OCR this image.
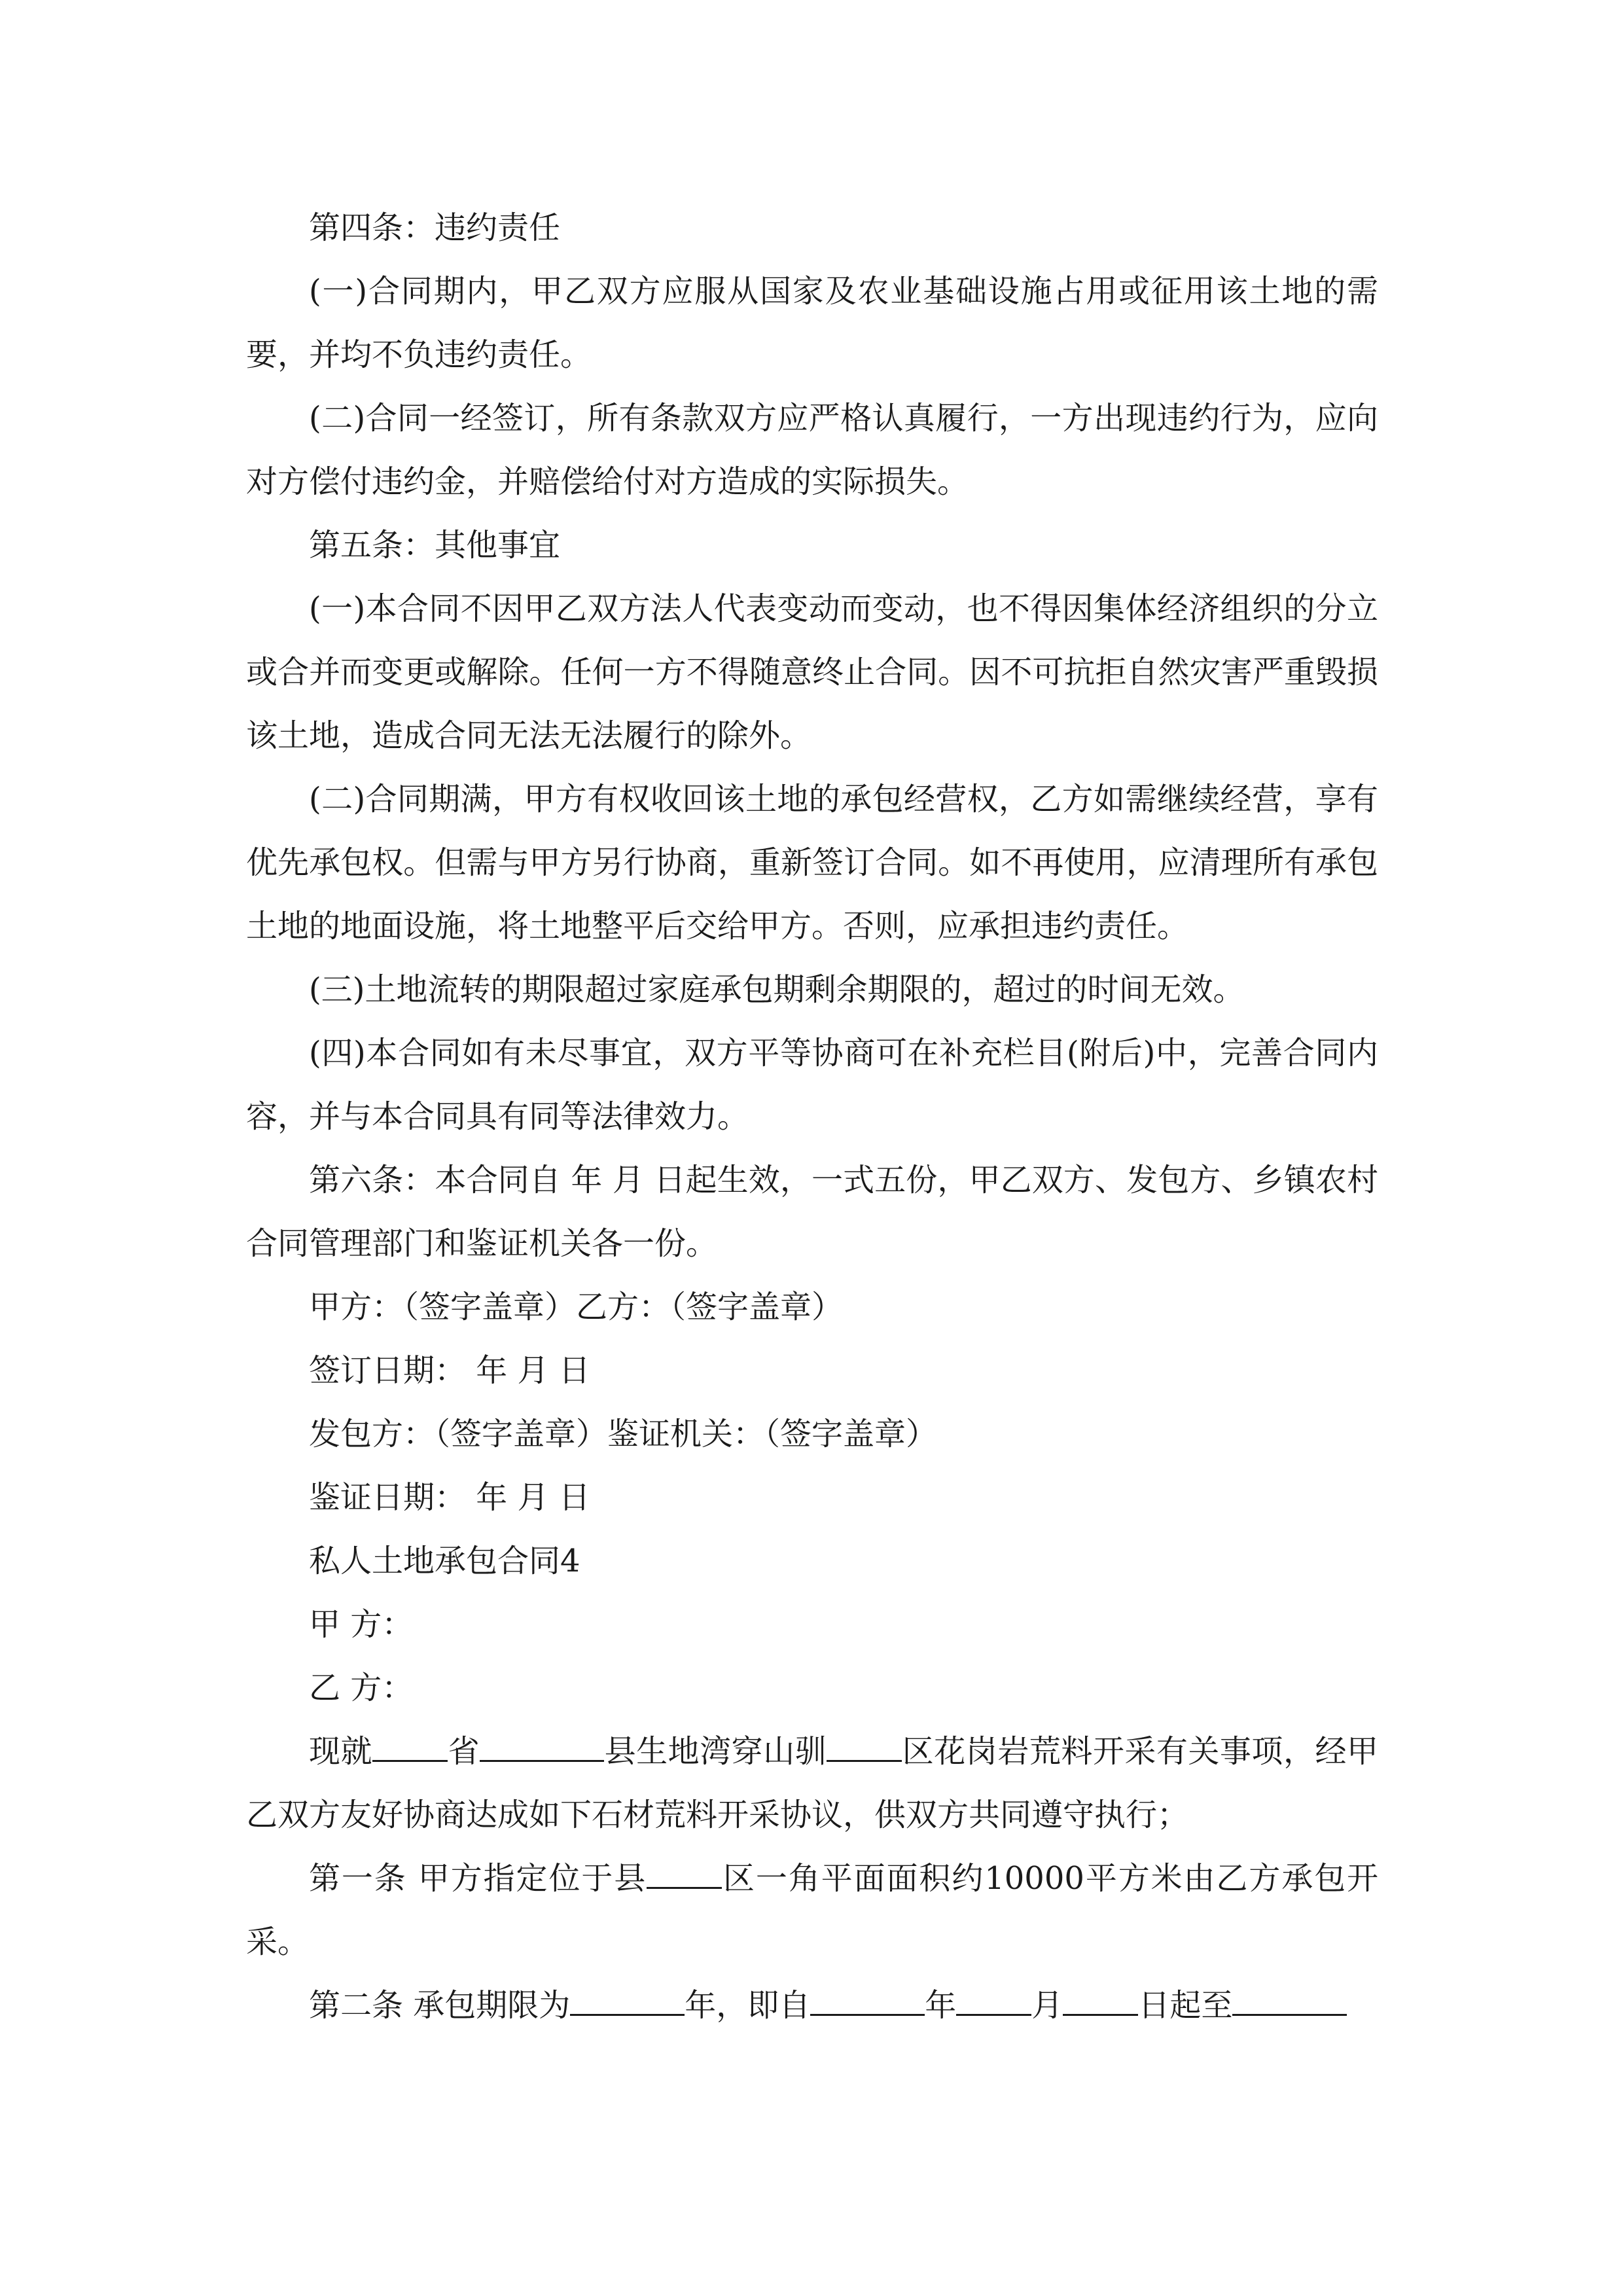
第四条：违约责任

(一)合同期内，甲乙双方应服从国家及农业基础设施占用或征用该土地的需要，并均不负违约责任。

(二)合同一经签订，所有条款双方应严格认真履行，一方出现违约行为，应向对方偿付违约金，并赔偿给付对方造成的实际损失。

第五条：其他事宜

(一)本合同不因甲乙双方法人代表变动而变动，也不得因集体经济组织的分立或合并而变更或解除。任何一方不得随意终止合同。因不可抗拒自然灾害严重毁损该土地，造成合同无法无法履行的除外。

(二)合同期满，甲方有权收回该土地的承包经营权，乙方如需继续经营，享有优先承包权。但需与甲方另行协商，重新签订合同。如不再使用，应清理所有承包土地的地面设施，将土地整平后交给甲方。否则，应承担违约责任。

(三)土地流转的期限超过家庭承包期剩余期限的，超过的时间无效。

(四)本合同如有未尽事宜，双方平等协商可在补充栏目(附后)中，完善合同内容，并与本合同具有同等法律效力。

第六条：本合同自 年 月 日起生效，一式五份，甲乙双方、发包方、乡镇农村合同管理部门和鉴证机关各一份。

甲方：（签字盖章）乙方：（签字盖章）

签订日期： 年 月 日

发包方：（签字盖章）鉴证机关：（签字盖章）

鉴证日期： 年 月 日

私人土地承包合同4

甲 方：

乙 方：

现就 省	县生地湾穿山驯 区花岗岩荒料开采有关事项，经甲乙双方友好协商达成如下石材荒料开采协议，供双方共同遵守执行；

第一条 甲方指定位于县 区一角平面面积约10000平方米由乙方承包开采。

第二条 承包期限为	年，即自	年 月 日起至
